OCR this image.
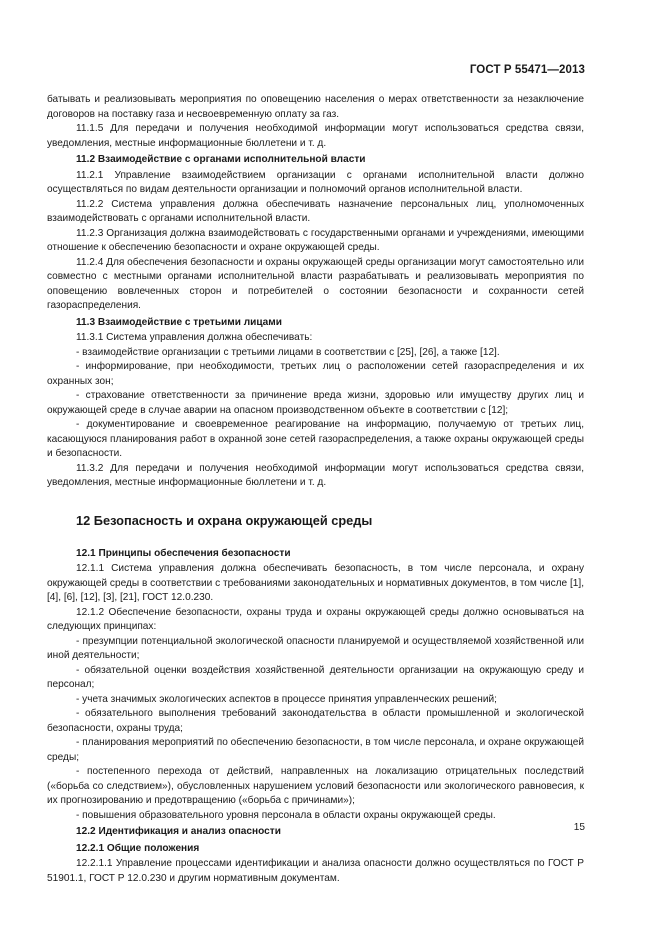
ГОСТ Р 55471—2013

батывать и реализовывать мероприятия по оповещению населения о мерах ответственности за незаключение договоров на поставку газа и несвоевременную оплату за газ.

11.1.5 Для передачи и получения необходимой информации могут использоваться средства связи, уведомления, местные информационные бюллетени и т. д.

11.2 Взаимодействие с органами исполнительной власти

11.2.1 Управление взаимодействием организации с органами исполнительной власти должно осуществляться по видам деятельности организации и полномочий органов исполнительной власти.

11.2.2 Система управления должна обеспечивать назначение персональных лиц, уполномоченных взаимодействовать с органами исполнительной власти.

11.2.3 Организация должна взаимодействовать с государственными органами и учреждениями, имеющими отношение к обеспечению безопасности и охране окружающей среды.

11.2.4 Для обеспечения безопасности и охраны окружающей среды организации могут самостоятельно или совместно с местными органами исполнительной власти разрабатывать и реализовывать мероприятия по оповещению вовлеченных сторон и потребителей о состоянии безопасности и сохранности сетей газораспределения.

11.3 Взаимодействие с третьими лицами

11.3.1 Система управления должна обеспечивать:

- взаимодействие организации с третьими лицами в соответствии с [25], [26], а также [12].

- информирование, при необходимости, третьих лиц о расположении сетей газораспределения и их охранных зон;

- страхование ответственности за причинение вреда жизни, здоровью или имуществу других лиц и окружающей среде в случае аварии на опасном производственном объекте в соответствии с [12];

- документирование и своевременное реагирование на информацию, получаемую от третьих лиц, касающуюся планирования работ в охранной зоне сетей газораспределения, а также охраны окружающей среды и безопасности.

11.3.2 Для передачи и получения необходимой информации могут использоваться средства связи, уведомления, местные информационные бюллетени и т. д.

12 Безопасность и охрана окружающей среды
12.1 Принципы обеспечения безопасности

12.1.1 Система управления должна обеспечивать безопасность, в том числе персонала, и охрану окружающей среды в соответствии с требованиями законодательных и нормативных документов, в том числе [1], [4], [6], [12], [3], [21], ГОСТ 12.0.230.

12.1.2 Обеспечение безопасности, охраны труда и охраны окружающей среды должно основываться на следующих принципах:

- презумпции потенциальной экологической опасности планируемой и осуществляемой хозяйственной или иной деятельности;

- обязательной оценки воздействия хозяйственной деятельности организации на окружающую среду и персонал;

- учета значимых экологических аспектов в процессе принятия управленческих решений;

- обязательного выполнения требований законодательства в области промышленной и экологической безопасности, охраны труда;

- планирования мероприятий по обеспечению безопасности, в том числе персонала, и охране окружающей среды;

- постепенного перехода от действий, направленных на локализацию отрицательных последствий («борьба со следствием»), обусловленных нарушением условий безопасности или экологического равновесия, к их прогнозированию и предотвращению («борьба с причинами»);

- повышения образовательного уровня персонала в области охраны окружающей среды.

12.2 Идентификация и анализ опасности
12.2.1 Общие положения

12.2.1.1 Управление процессами идентификации и анализа опасности должно осуществляться по ГОСТ Р 51901.1, ГОСТ Р 12.0.230 и другим нормативным документам.

15
